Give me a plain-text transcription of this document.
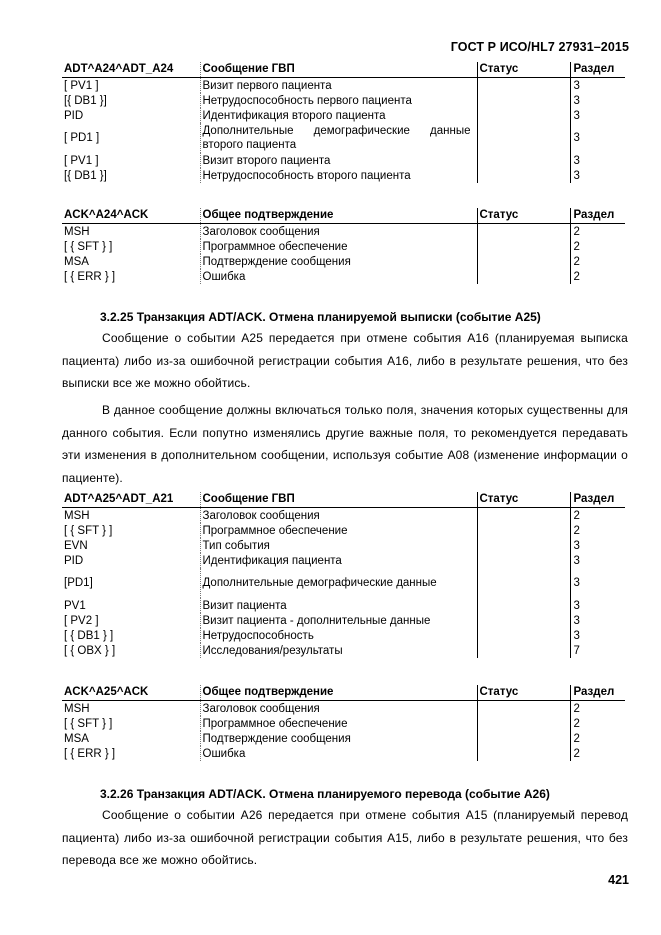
ГОСТ Р ИСО/HL7 27931–2015
ADT^A24^ADT_A24	Сообщение ГВП	Статус	Раздел
[ PV1 ]	Визит первого пациента		3
[{ DB1 }]	Нетрудоспособность первого пациента		3
PID	Идентификация второго пациента		3
[ PD1 ]	Дополнительные демографические данные второго пациента		3
[ PV1 ]	Визит второго пациента		3
[{ DB1 }]	Нетрудоспособность второго пациента		3
ACK^A24^ACK	Общее подтверждение	Статус	Раздел
MSH	Заголовок сообщения		2
[ { SFT } ]	Программное обеспечение		2
MSA	Подтверждение сообщения		2
[ { ERR } ]	Ошибка		2
3.2.25 Транзакция ADT/ACK. Отмена планируемой выписки (событие A25)
Сообщение о событии A25 передается при отмене события A16 (планируемая выписка пациента) либо из-за ошибочной регистрации события A16, либо в результате решения, что без выписки все же можно обойтись.
В данное сообщение должны включаться только поля, значения которых существенны для данного события. Если попутно изменялись другие важные поля, то рекомендуется передавать эти изменения в дополнительном сообщении, используя событие A08 (изменение информации о пациенте).
ADT^A25^ADT_A21	Сообщение ГВП	Статус	Раздел
MSH	Заголовок сообщения		2
[ { SFT } ]	Программное обеспечение		2
EVN	Тип события		3
PID	Идентификация пациента		3
[PD1]	Дополнительные демографические данные		3
PV1	Визит пациента		3
[ PV2 ]	Визит пациента - дополнительные данные		3
[ { DB1 } ]	Нетрудоспособность		3
[ { OBX } ]	Исследования/результаты		7
ACK^A25^ACK	Общее подтверждение	Статус	Раздел
MSH	Заголовок сообщения		2
[ { SFT } ]	Программное обеспечение		2
MSA	Подтверждение сообщения		2
[ { ERR } ]	Ошибка		2
3.2.26 Транзакция ADT/ACK. Отмена планируемого перевода (событие A26)
Сообщение о событии A26 передается при отмене события A15 (планируемый перевод пациента) либо из-за ошибочной регистрации события A15, либо в результате решения, что без перевода все же можно обойтись.
421
